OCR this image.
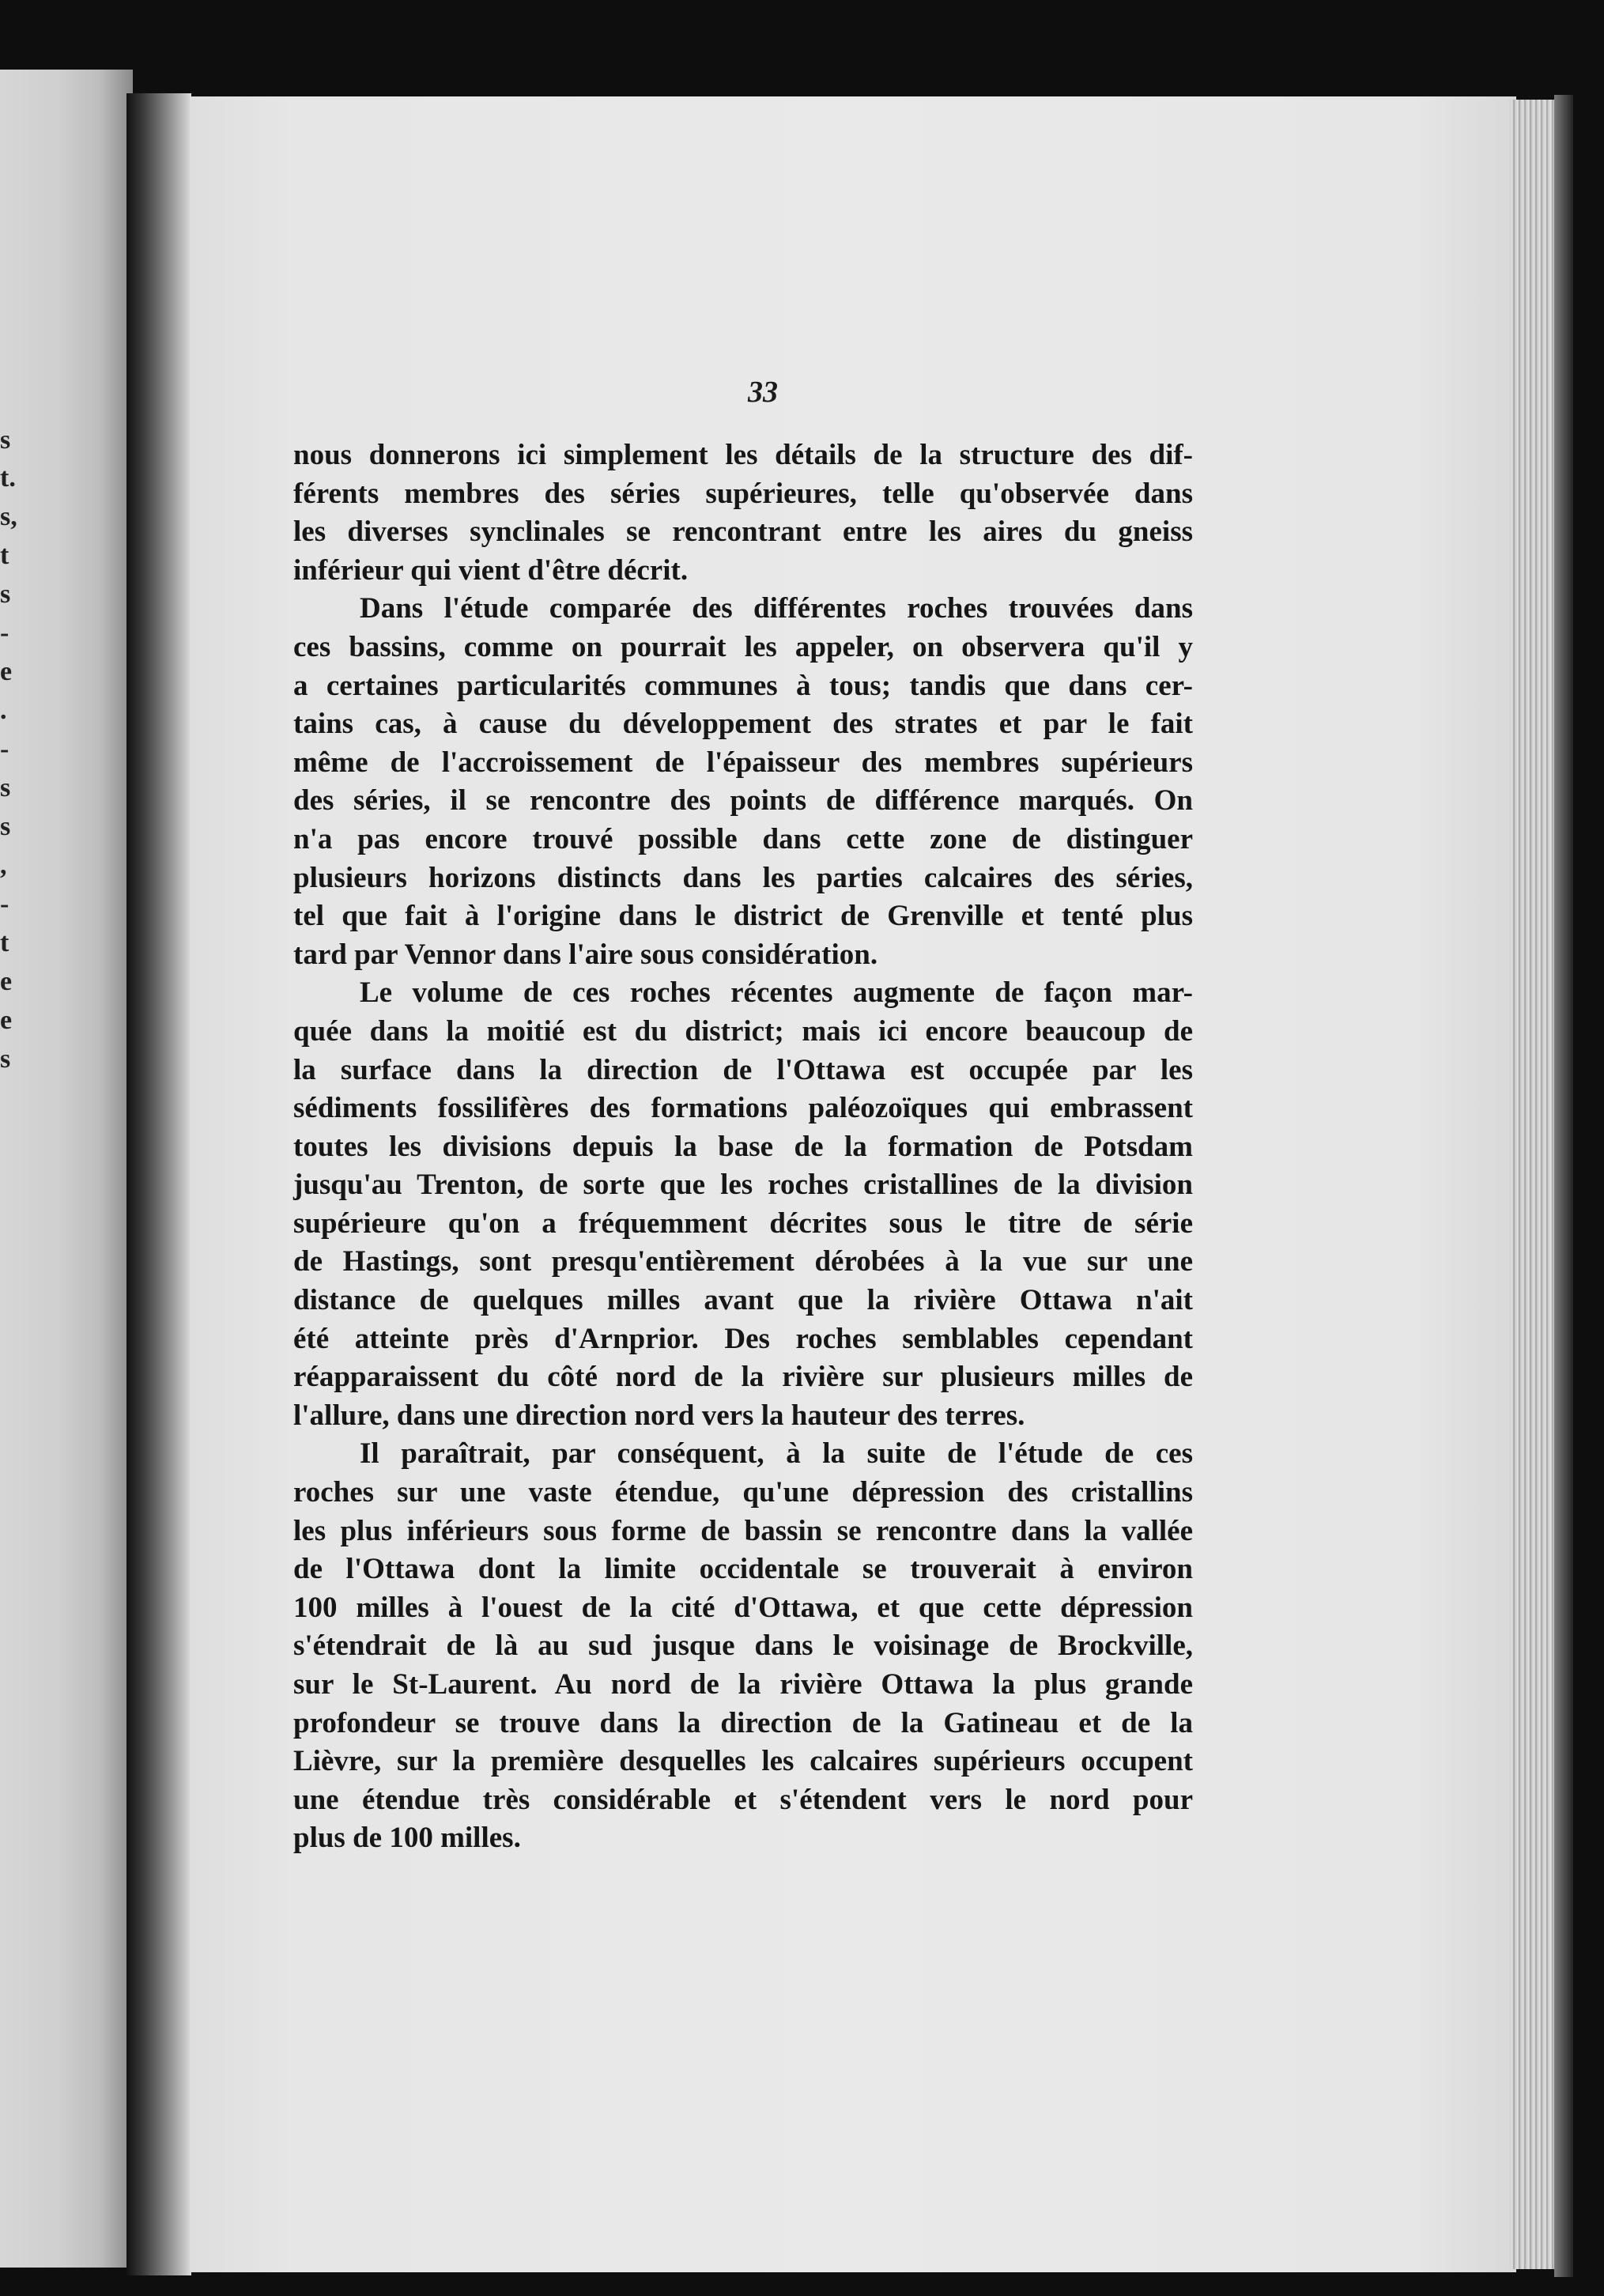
s
t.
s,
t
s
-
e
.
-
s
s
,
-
t
e
e
s
33
nous donnerons ici simplement les détails de la structure des dif-
férents membres des séries supérieures, telle qu'observée dans
les diverses synclinales se rencontrant entre les aires du gneiss
inférieur qui vient d'être décrit.
Dans l'étude comparée des différentes roches trouvées dans
ces bassins, comme on pourrait les appeler, on observera qu'il y
a certaines particularités communes à tous; tandis que dans cer-
tains cas, à cause du développement des strates et par le fait
même de l'accroissement de l'épaisseur des membres supérieurs
des séries, il se rencontre des points de différence marqués. On
n'a pas encore trouvé possible dans cette zone de distinguer
plusieurs horizons distincts dans les parties calcaires des séries,
tel que fait à l'origine dans le district de Grenville et tenté plus
tard par Vennor dans l'aire sous considération.
Le volume de ces roches récentes augmente de façon mar-
quée dans la moitié est du district; mais ici encore beaucoup de
la surface dans la direction de l'Ottawa est occupée par les
sédiments fossilifères des formations paléozoïques qui embrassent
toutes les divisions depuis la base de la formation de Potsdam
jusqu'au Trenton, de sorte que les roches cristallines de la division
supérieure qu'on a fréquemment décrites sous le titre de série
de Hastings, sont presqu'entièrement dérobées à la vue sur une
distance de quelques milles avant que la rivière Ottawa n'ait
été atteinte près d'Arnprior. Des roches semblables cependant
réapparaissent du côté nord de la rivière sur plusieurs milles de
l'allure, dans une direction nord vers la hauteur des terres.
Il paraîtrait, par conséquent, à la suite de l'étude de ces
roches sur une vaste étendue, qu'une dépression des cristallins
les plus inférieurs sous forme de bassin se rencontre dans la vallée
de l'Ottawa dont la limite occidentale se trouverait à environ
100 milles à l'ouest de la cité d'Ottawa, et que cette dépression
s'étendrait de là au sud jusque dans le voisinage de Brockville,
sur le St-Laurent. Au nord de la rivière Ottawa la plus grande
profondeur se trouve dans la direction de la Gatineau et de la
Lièvre, sur la première desquelles les calcaires supérieurs occupent
une étendue très considérable et s'étendent vers le nord pour
plus de 100 milles.
